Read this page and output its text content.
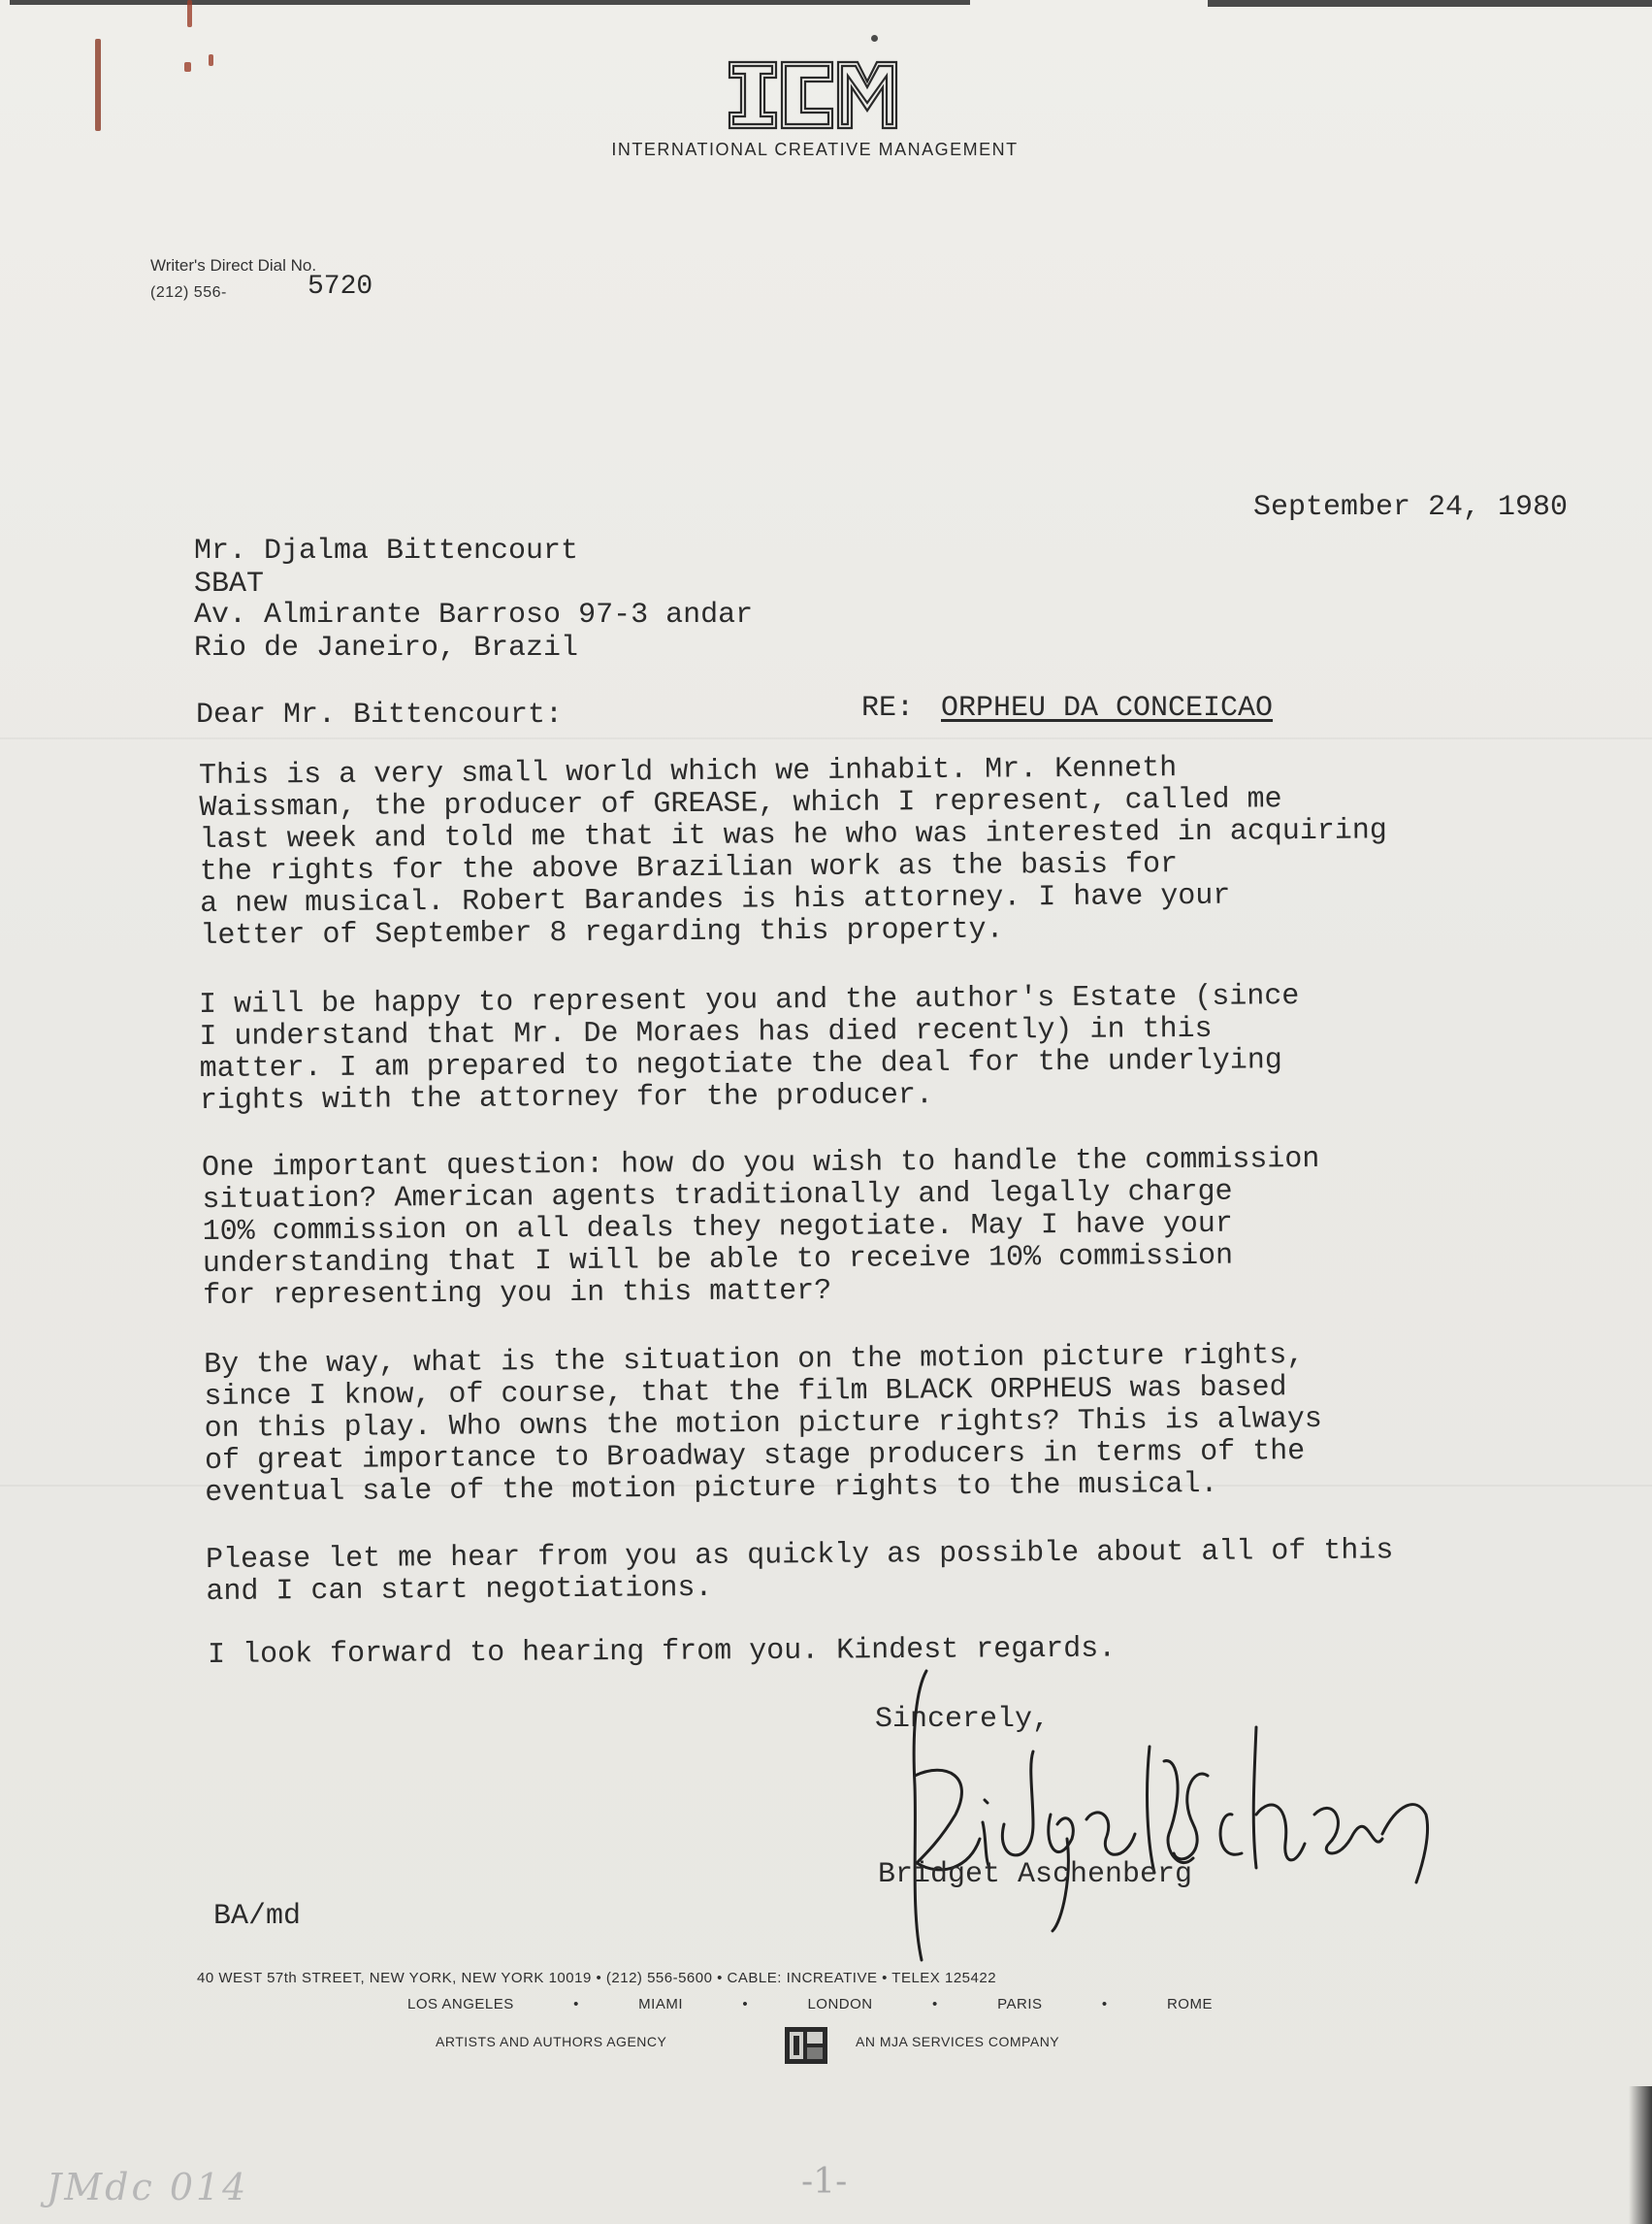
ICM
INTERNATIONAL CREATIVE MANAGEMENT
Writer's Direct Dial No.
(212) 556-	5720
September 24, 1980
Mr. Djalma Bittencourt
SBAT
Av. Almirante Barroso 97-3 andar
Rio de Janeiro, Brazil
Dear Mr. Bittencourt:	RE: ORPHEU DA CONCEICAO
This is a very small world which we inhabit. Mr. Kenneth
Waissman, the producer of GREASE, which I represent, called me
last week and told me that it was he who was interested in acquiring
the rights for the above Brazilian work as the basis for
a new musical. Robert Barandes is his attorney. I have your
letter of September 8 regarding this property.
I will be happy to represent you and the author's Estate (since
I understand that Mr. De Moraes has died recently) in this
matter. I am prepared to negotiate the deal for the underlying
rights with the attorney for the producer.
One important question: how do you wish to handle the commission
situation? American agents traditionally and legally charge
10% commission on all deals they negotiate. May I have your
understanding that I will be able to receive 10% commission
for representing you in this matter?
By the way, what is the situation on the motion picture rights,
since I know, of course, that the film BLACK ORPHEUS was based
on this play. Who owns the motion picture rights? This is always
of great importance to Broadway stage producers in terms of the
eventual sale of the motion picture rights to the musical.
Please let me hear from you as quickly as possible about all of this
and I can start negotiations.
I look forward to hearing from you. Kindest regards.
Sincerely,
Bridget Aschenberg
BA/md
40 WEST 57th STREET, NEW YORK, NEW YORK 10019 • (212) 556-5600 • CABLE: INCREATIVE • TELEX 125422
LOS ANGELES	•	MIAMI	•	LONDON	•	PARIS	•	ROME
ARTISTS AND AUTHORS AGENCY	AN MJA SERVICES COMPANY
JMdc 014	-1-
